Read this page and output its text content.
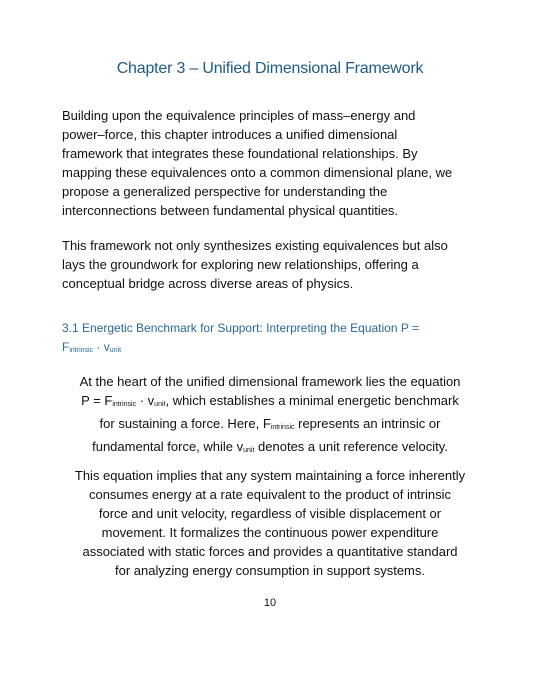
Chapter 3 – Unified Dimensional Framework
Building upon the equivalence principles of mass–energy and
power–force, this chapter introduces a unified dimensional
framework that integrates these foundational relationships. By
mapping these equivalences onto a common dimensional plane, we
propose a generalized perspective for understanding the
interconnections between fundamental physical quantities.
This framework not only synthesizes existing equivalences but also
lays the groundwork for exploring new relationships, offering a
conceptual bridge across diverse areas of physics.
3.1 Energetic Benchmark for Support: Interpreting the Equation P =
Fintrinsic · vunit
At the heart of the unified dimensional framework lies the equation
P = Fintrinsic · vunit, which establishes a minimal energetic benchmark
for sustaining a force. Here, Fintrinsic represents an intrinsic or
fundamental force, while vunit denotes a unit reference velocity.
This equation implies that any system maintaining a force inherently
consumes energy at a rate equivalent to the product of intrinsic
force and unit velocity, regardless of visible displacement or
movement. It formalizes the continuous power expenditure
associated with static forces and provides a quantitative standard
for analyzing energy consumption in support systems.
10
